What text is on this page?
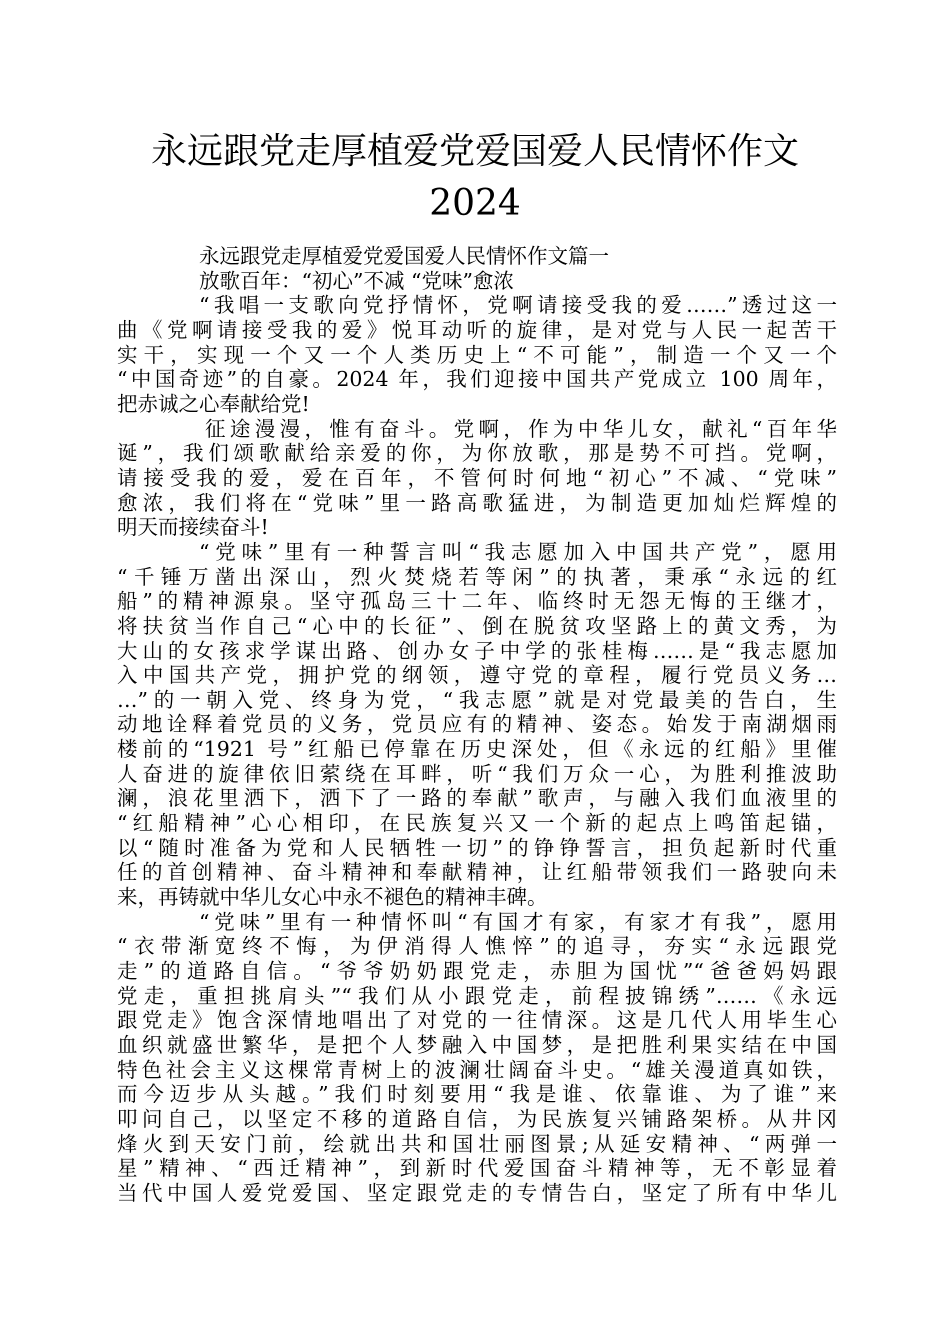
永远跟党走厚植爱党爱国爱人民情怀作文
2024
永远跟党走厚植爱党爱国爱人民情怀作文篇一
放歌百年：“初心”不减 “党味”愈浓
“我唱一支歌向党抒情怀，党啊请接受我的爱……”透过这一
曲《党啊请接受我的爱》悦耳动听的旋律，是对党与人民一起苦干
实干，实现一个又一个人类历史上“不可能”，制造一个又一个
“中国奇迹”的自豪。2024 年，我们迎接中国共产党成立 100 周年，
把赤诚之心奉献给党!
征途漫漫，惟有奋斗。党啊，作为中华儿女，献礼“百年华
诞”，我们颂歌献给亲爱的你，为你放歌，那是势不可挡。党啊，
请接受我的爱，爱在百年，不管何时何地“初心”不减、“党味”
愈浓，我们将在“党味”里一路高歌猛进，为制造更加灿烂辉煌的
明天而接续奋斗!
“党味”里有一种誓言叫“我志愿加入中国共产党”，愿用
“千锤万凿出深山，烈火焚烧若等闲”的执著，秉承“永远的红
船”的精神源泉。坚守孤岛三十二年、临终时无怨无悔的王继才，
将扶贫当作自己“心中的长征”、倒在脱贫攻坚路上的黄文秀，为
大山的女孩求学谋出路、创办女子中学的张桂梅……是“我志愿加
入中国共产党，拥护党的纲领，遵守党的章程，履行党员义务…
…”的一朝入党、终身为党，“我志愿”就是对党最美的告白，生
动地诠释着党员的义务，党员应有的精神、姿态。始发于南湖烟雨
楼前的“1921 号”红船已停靠在历史深处，但《永远的红船》里催
人奋进的旋律依旧萦绕在耳畔，听“我们万众一心，为胜利推波助
澜，浪花里洒下，洒下了一路的奉献”歌声，与融入我们血液里的
“红船精神”心心相印，在民族复兴又一个新的起点上鸣笛起锚，
以“随时准备为党和人民牺牲一切”的铮铮誓言，担负起新时代重
任的首创精神、奋斗精神和奉献精神，让红船带领我们一路驶向未
来，再铸就中华儿女心中永不褪色的精神丰碑。
“党味”里有一种情怀叫“有国才有家，有家才有我”，愿用
“衣带渐宽终不悔，为伊消得人憔悴”的追寻，夯实“永远跟党
走”的道路自信。“爷爷奶奶跟党走，赤胆为国忧”“爸爸妈妈跟
党走，重担挑肩头”“我们从小跟党走，前程披锦绣”……《永远
跟党走》饱含深情地唱出了对党的一往情深。这是几代人用毕生心
血织就盛世繁华，是把个人梦融入中国梦，是把胜利果实结在中国
特色社会主义这棵常青树上的波澜壮阔奋斗史。“雄关漫道真如铁，
而今迈步从头越。”我们时刻要用“我是谁、依靠谁、为了谁”来
叩问自己，以坚定不移的道路自信，为民族复兴铺路架桥。从井冈
烽火到天安门前，绘就出共和国壮丽图景;从延安精神、“两弹一
星”精神、“西迁精神”，到新时代爱国奋斗精神等，无不彰显着
当代中国人爱党爱国、坚定跟党走的专情告白，坚定了所有中华儿
